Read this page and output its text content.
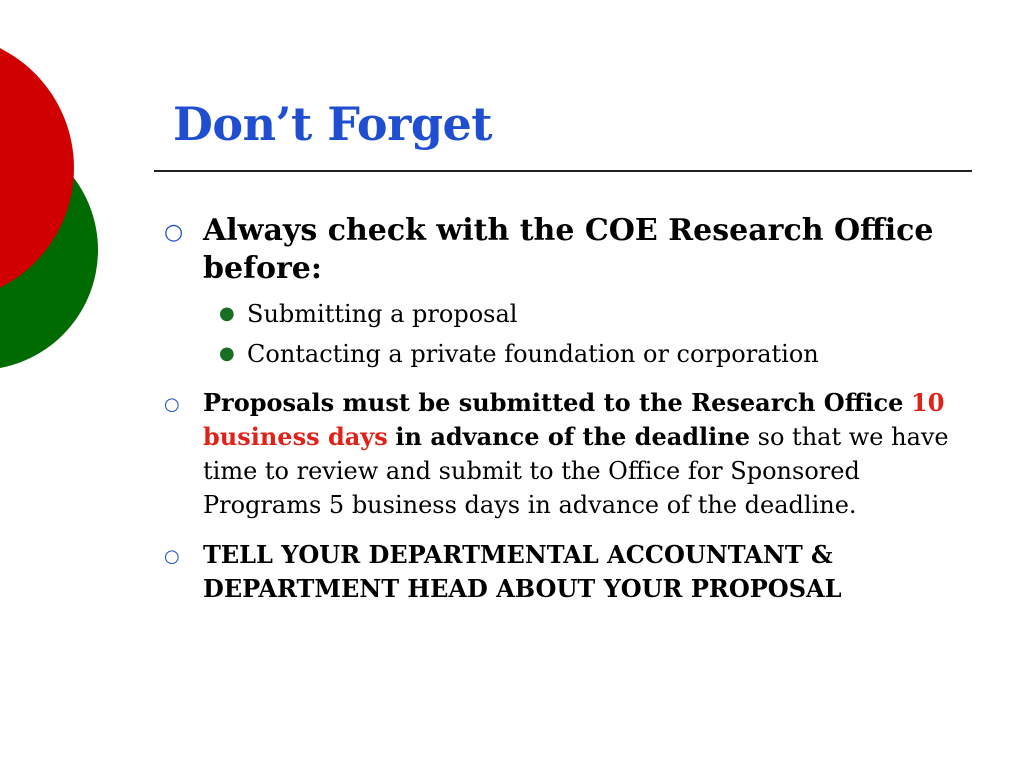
Don’t Forget
○ Always check with the COE Research Office before:
● Submitting a proposal
● Contacting a private foundation or corporation
○ Proposals must be submitted to the Research Office 10 business days in advance of the deadline so that we have time to review and submit to the Office for Sponsored Programs 5 business days in advance of the deadline.
○ TELL YOUR DEPARTMENTAL ACCOUNTANT & DEPARTMENT HEAD ABOUT YOUR PROPOSAL
